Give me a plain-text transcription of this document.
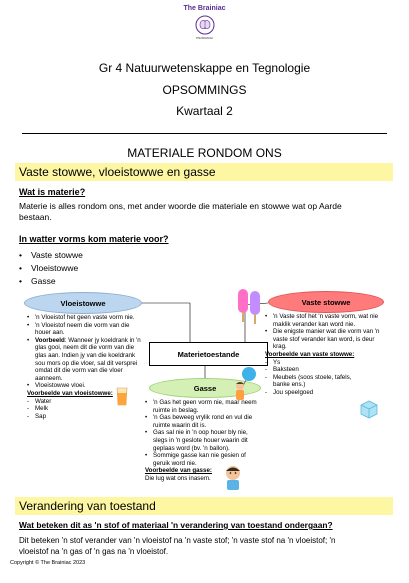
The Brainiac
THE BRAINIAC
Gr 4 Natuurwetenskappe en Tegnologie
OPSOMMINGS
Kwartaal 2
MATERIALE RONDOM ONS
Vaste stowwe, vloeistowwe en gasse
Wat is materie?
Materie is alles rondom ons, met ander woorde die materiale en stowwe wat op Aarde
bestaan.
In watter vorms kom materie voor?
• Vaste stowwe
• Vloeistowwe
• Gasse
Vloeistowwe	Vaste stowwe
Materietoestande
Gasse
• 'n Vloeistof het geen vaste vorm nie.
• 'n Vloeistof neem die vorm van die houer aan.
• Voorbeeld: Wanneer jy koeldrank in 'n glas gooi, neem dit die vorm van die glas aan. Indien jy van die koeldrank sou mors op die vloer, sal dit versprei omdat dit die vorm van die vloer aanneem.
• Vloeistowwe vloei.
Voorbeelde van vloeistowwe:
- Water
- Melk
- Sap
• 'n Vaste stof het 'n vaste vorm, wat nie maklik verander kan word nie.
• Die enigste manier wat die vorm van 'n vaste stof verander kan word, is deur krag.
Voorbeelde van vaste stowwe:
- Ys
- Baksteen
- Meubels (soos stoele, tafels, banke ens.)
- Jou speelgoed
• 'n Gas het geen vorm nie, maar neem ruimte in beslag.
• 'n Gas beweeg vrylik rond en vul die ruimte waarin dit is.
• Gas sal nie in 'n oop houer bly nie, slegs in 'n geslote houer waarin dit geplaas word (bv. 'n ballon).
• Sommige gasse kan nie gesien of geruik word nie.
Voorbeelde van gasse:
Die lug wat ons inasem.
Verandering van toestand
Wat beteken dit as 'n stof of materiaal 'n verandering van toestand ondergaan?
Dit beteken 'n stof verander van 'n vloeistof na 'n vaste stof; 'n vaste stof na 'n vloeistof; 'n
vloeistof na 'n gas of 'n gas na 'n vloeistof.
Copyright © The Brainiac 2023
